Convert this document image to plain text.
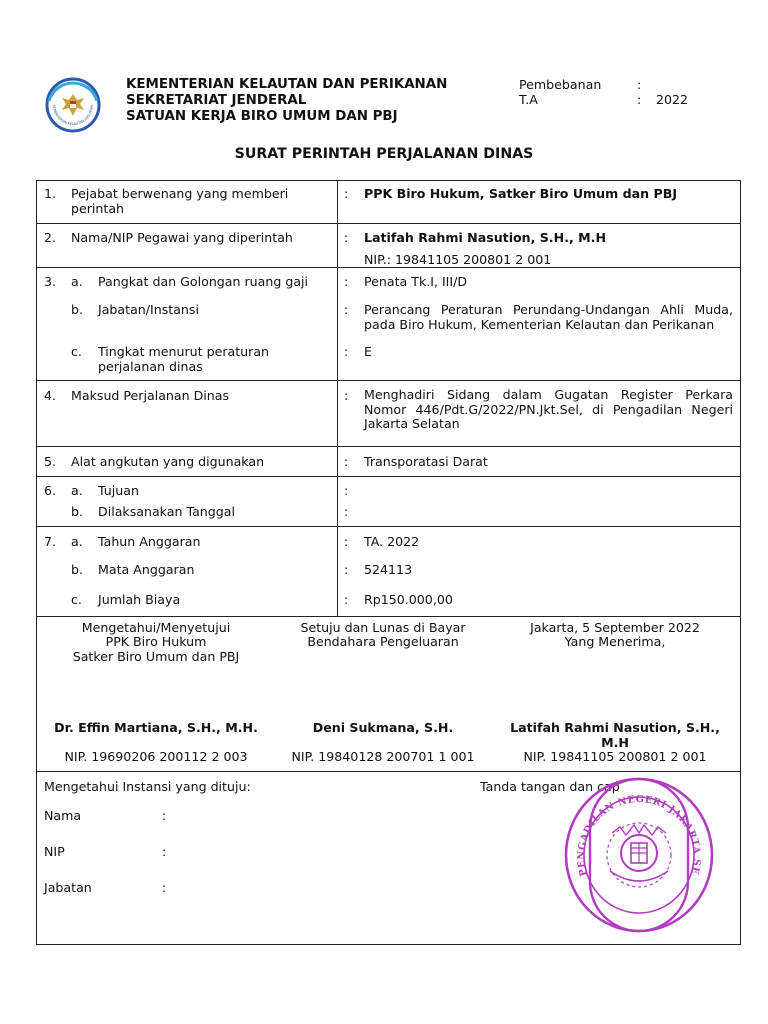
KEMENTERIAN KELAUTAN DAN PERIK
KEMENTERIAN KELAUTAN DAN PERIKANAN
SEKRETARIAT JENDERAL
SATUAN KERJA BIRO UMUM DAN PBJ
Pembebanan	:
T.A	: 2022
SURAT PERINTAH PERJALANAN DINAS
1. Pejabat berwenang yang memberi perintah
: PPK Biro Hukum, Satker Biro Umum dan PBJ
2. Nama/NIP Pegawai yang diperintah	: Latifah Rahmi Nasution, S.H., M.H
NIP.: 19841105 200801 2 001
3. a. Pangkat dan Golongan ruang gaji	: Penata Tk.I, III/D
b. Jabatan/Instansi	: Perancang Peraturan Perundang-Undangan Ahli Muda, pada Biro Hukum, Kementerian Kelautan dan Perikanan
c. Tingkat menurut peraturan perjalanan dinas
: E
4. Maksud Perjalanan Dinas	: Menghadiri Sidang dalam Gugatan Register Perkara Nomor 446/Pdt.G/2022/PN.Jkt.Sel, di Pengadilan Negeri Jakarta Selatan
5. Alat angkutan yang digunakan	: Transporatasi Darat
6. a. Tujuan	:
b. Dilaksanakan Tanggal	:
7. a. Tahun Anggaran	: TA. 2022
b. Mata Anggaran	: 524113
c. Jumlah Biaya	: Rp150.000,00
Mengetahui/Menyetujui
PPK Biro Hukum
Satker Biro Umum dan PBJ
Dr. Effin Martiana, S.H., M.H.
NIP. 19690206 200112 2 003
Setuju dan Lunas di Bayar
Bendahara Pengeluaran
Deni Sukmana, S.H.
NIP. 19840128 200701 1 001
Jakarta, 5 September 2022
Yang Menerima,
Latifah Rahmi Nasution, S.H., M.H
NIP. 19841105 200801 2 001
Mengetahui Instansi yang dituju:	Tanda tangan dan cap
Nama	:
NIP	:
Jabatan	:
PENGADILAN NEGERI JAKARTA SE
